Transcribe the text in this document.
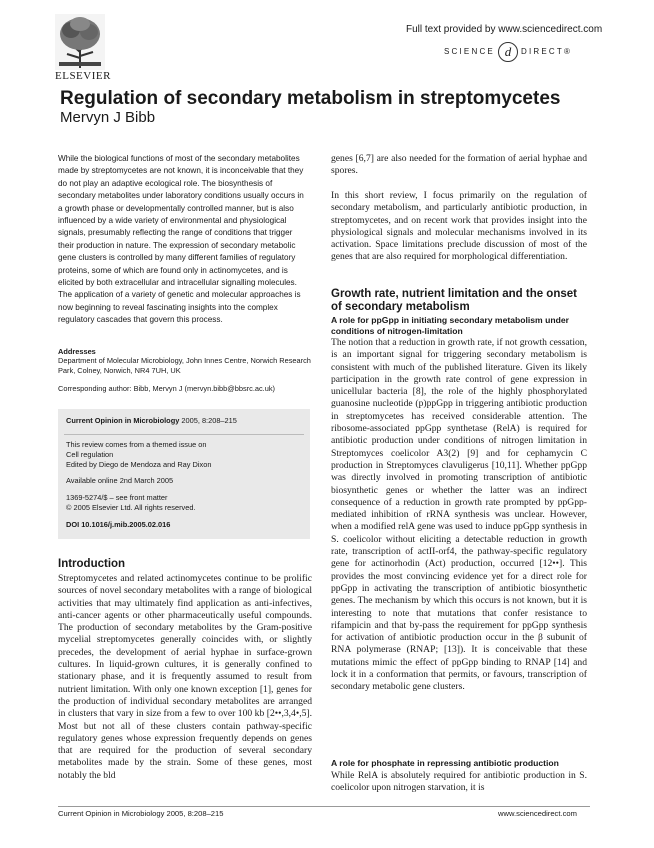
ELSEVIER
Full text provided by www.sciencedirect.com
SCIENCE d DIRECT®
Regulation of secondary metabolism in streptomycetes
Mervyn J Bibb
While the biological functions of most of the secondary metabolites made by streptomycetes are not known, it is inconceivable that they do not play an adaptive ecological role. The biosynthesis of secondary metabolites under laboratory conditions usually occurs in a growth phase or developmentally controlled manner, but is also influenced by a wide variety of environmental and physiological signals, presumably reflecting the range of conditions that trigger their production in nature. The expression of secondary metabolic gene clusters is controlled by many different families of regulatory proteins, some of which are found only in actinomycetes, and is elicited by both extracellular and intracellular signalling molecules. The application of a variety of genetic and molecular approaches is now beginning to reveal fascinating insights into the complex regulatory cascades that govern this process.
Addresses
Department of Molecular Microbiology, John Innes Centre, Norwich Research Park, Colney, Norwich, NR4 7UH, UK
Corresponding author: Bibb, Mervyn J (mervyn.bibb@bbsrc.ac.uk)
Current Opinion in Microbiology 2005, 8:208–215
This review comes from a themed issue on
Cell regulation
Edited by Diego de Mendoza and Ray Dixon
Available online 2nd March 2005
1369-5274/$ – see front matter
© 2005 Elsevier Ltd. All rights reserved.
DOI 10.1016/j.mib.2005.02.016
Introduction
Streptomycetes and related actinomycetes continue to be prolific sources of novel secondary metabolites with a range of biological activities that may ultimately find application as anti-infectives, anti-cancer agents or other pharmaceutically useful compounds. The production of secondary metabolites by the Gram-positive mycelial streptomycetes generally coincides with, or slightly precedes, the development of aerial hyphae in surface-grown cultures. In liquid-grown cultures, it is generally confined to stationary phase, and it is frequently assumed to result from nutrient limitation. With only one known exception [1], genes for the production of individual secondary metabolites are arranged in clusters that vary in size from a few to over 100 kb [2••,3,4•,5]. Most but not all of these clusters contain pathway-specific regulatory genes whose expression frequently depends on genes that are required for the production of several secondary metabolites made by the strain. Some of these genes, most notably the bld
genes [6,7] are also needed for the formation of aerial hyphae and spores.
In this short review, I focus primarily on the regulation of secondary metabolism, and particularly antibiotic production, in streptomycetes, and on recent work that provides insight into the physiological signals and molecular mechanisms involved in its activation. Space limitations preclude discussion of most of the genes that are also required for morphological differentiation.
Growth rate, nutrient limitation and the onset of secondary metabolism
A role for ppGpp in initiating secondary metabolism under conditions of nitrogen-limitation
The notion that a reduction in growth rate, if not growth cessation, is an important signal for triggering secondary metabolism is consistent with much of the published literature. Given its likely participation in the growth rate control of gene expression in unicellular bacteria [8], the role of the highly phosphorylated guanosine nucleotide (p)ppGpp in triggering antibiotic production in streptomycetes has received considerable attention. The ribosome-associated ppGpp synthetase (RelA) is required for antibiotic production under conditions of nitrogen limitation in Streptomyces coelicolor A3(2) [9] and for cephamycin C production in Streptomyces clavuligerus [10,11]. Whether ppGpp was directly involved in promoting transcription of antibiotic biosynthetic genes or whether the latter was an indirect consequence of a reduction in growth rate prompted by ppGpp-mediated inhibition of rRNA synthesis was unclear. However, when a modified relA gene was used to induce ppGpp synthesis in S. coelicolor without eliciting a detectable reduction in growth rate, transcription of actII-orf4, the pathway-specific regulatory gene for actinorhodin (Act) production, occurred [12••]. This provides the most convincing evidence yet for a direct role for ppGpp in activating the transcription of antibiotic biosynthetic genes. The mechanism by which this occurs is not known, but it is interesting to note that mutations that confer resistance to rifampicin and that by-pass the requirement for ppGpp synthesis for activation of antibiotic production occur in the β subunit of RNA polymerase (RNAP; [13]). It is conceivable that these mutations mimic the effect of ppGpp binding to RNAP [14] and lock it in a conformation that permits, or favours, transcription of secondary metabolic gene clusters.
A role for phosphate in repressing antibiotic production
While RelA is absolutely required for antibiotic production in S. coelicolor upon nitrogen starvation, it is
Current Opinion in Microbiology 2005, 8:208–215	www.sciencedirect.com
